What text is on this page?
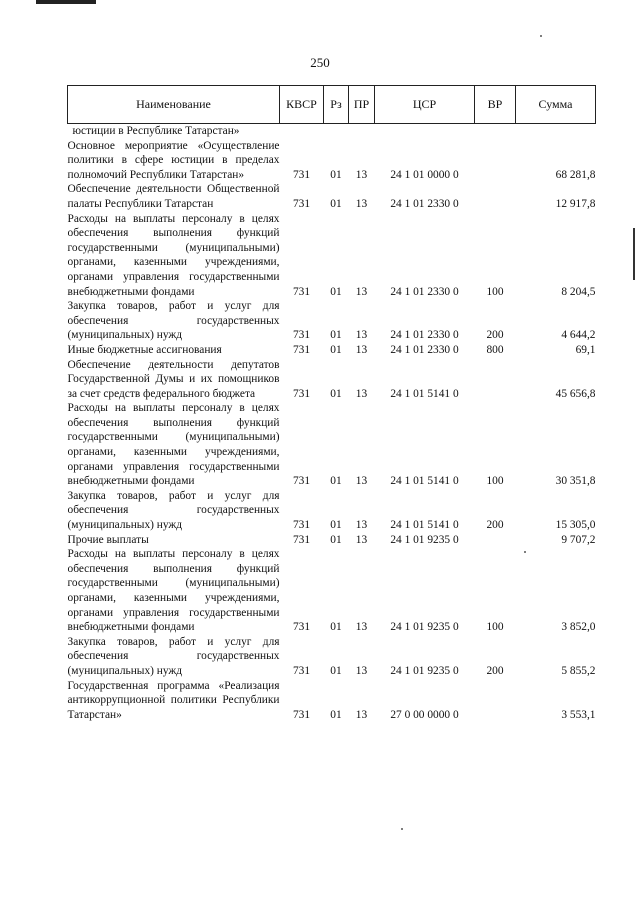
250
Наименование	КВСР	Рз	ПР	ЦСР	ВР	Сумма
юстиции в Республике Татарстан»						
Основное мероприятие «Осуществление политики в сфере юстиции в пределах полномочий Республики Татарстан»	731	01	13	24 1 01 0000 0		68 281,8
Обеспечение деятельности Общественной палаты Республики Татарстан	731	01	13	24 1 01 2330 0		12 917,8
Расходы на выплаты персоналу в целях обеспечения выполнения функций государственными (муниципальными) органами, казенными учреждениями, органами управления государственными внебюджетными фондами	731	01	13	24 1 01 2330 0	100	8 204,5
Закупка товаров, работ и услуг для обеспечения государственных (муниципальных) нужд	731	01	13	24 1 01 2330 0	200	4 644,2
Иные бюджетные ассигнования	731	01	13	24 1 01 2330 0	800	69,1
Обеспечение деятельности депутатов Государственной Думы и их помощников за счет средств федерального бюджета	731	01	13	24 1 01 5141 0		45 656,8
Расходы на выплаты персоналу в целях обеспечения выполнения функций государственными (муниципальными) органами, казенными учреждениями, органами управления государственными внебюджетными фондами	731	01	13	24 1 01 5141 0	100	30 351,8
Закупка товаров, работ и услуг для обеспечения государственных (муниципальных) нужд	731	01	13	24 1 01 5141 0	200	15 305,0
Прочие выплаты	731	01	13	24 1 01 9235 0		9 707,2
Расходы на выплаты персоналу в целях обеспечения выполнения функций государственными (муниципальными) органами, казенными учреждениями, органами управления государственными внебюджетными фондами	731	01	13	24 1 01 9235 0	100	3 852,0
Закупка товаров, работ и услуг для обеспечения государственных (муниципальных) нужд	731	01	13	24 1 01 9235 0	200	5 855,2
Государственная программа «Реализация антикоррупционной политики Республики Татарстан»	731	01	13	27 0 00 0000 0		3 553,1
